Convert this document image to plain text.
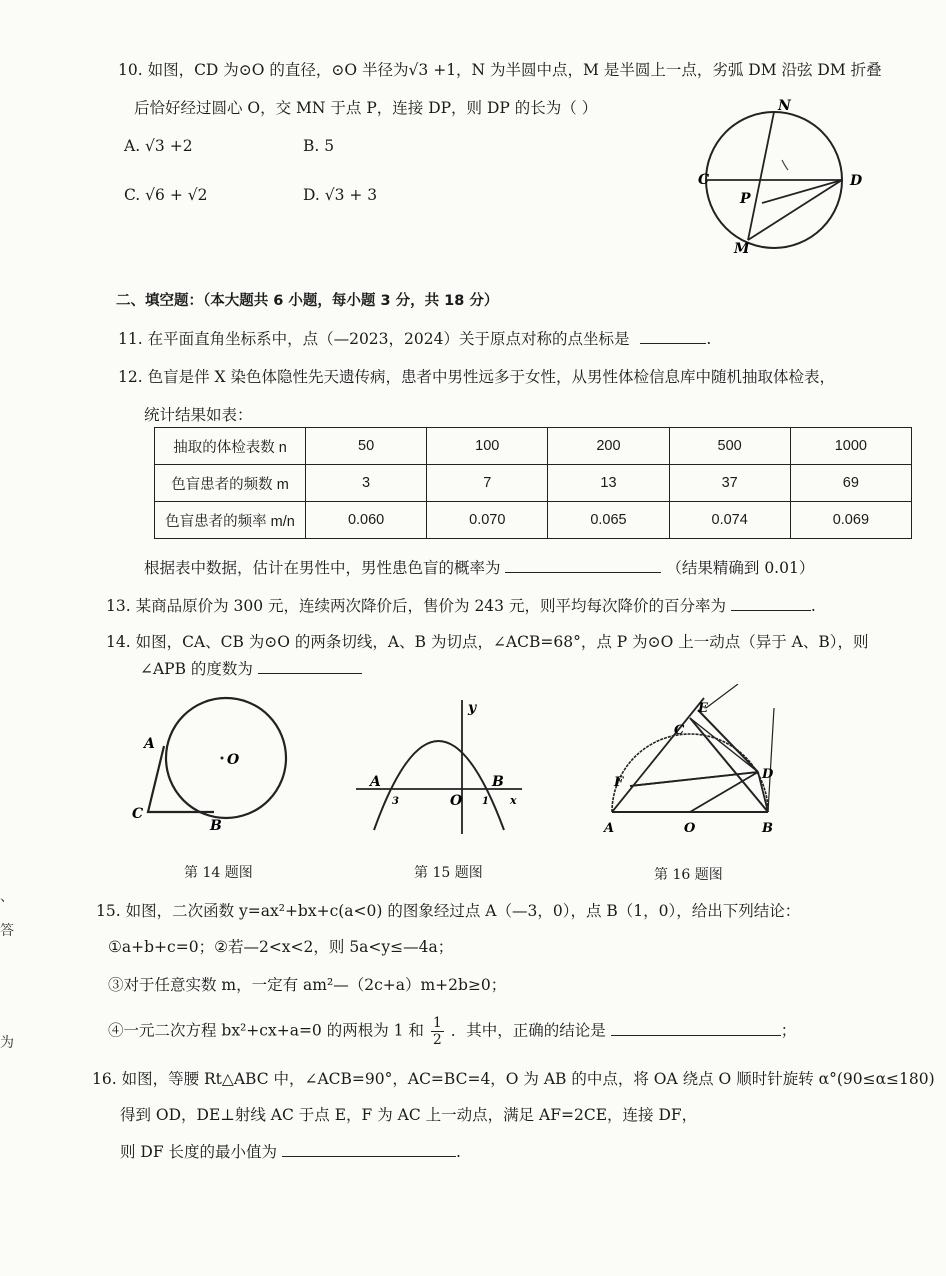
10. 如图，CD 为⊙O 的直径，⊙O 半径为√3 +1，N 为半圆中点，M 是半圆上一点，劣弧 DM 沿弦 DM 折叠
后恰好经过圆心 O，交 MN 于点 P，连接 DP，则 DP 的长为（ ）
A. √3 +2	B. 5
C. √6 + √2	D. √3 + 3
N
C	D
P
M
二、填空题：（本大题共 6 小题，每小题 3 分，共 18 分）
11. 在平面直角坐标系中，点（—2023，2024）关于原点对称的点坐标是	.
12. 色盲是伴 X 染色体隐性先天遗传病，患者中男性远多于女性，从男性体检信息库中随机抽取体检表，
统计结果如表：
抽取的体检表数 n	50	100	200	500	1000
色盲患者的频数 m	3	7	13	37	69
色盲患者的频率 m/n	0.060	0.070	0.065	0.074	0.069
根据表中数据，估计在男性中，男性患色盲的概率为	（结果精确到 0.01）
13. 某商品原价为 300 元，连续两次降价后，售价为 243 元，则平均每次降价的百分率为	.
14. 如图，CA、CB 为⊙O 的两条切线，A、B 为切点，∠ACB=68°，点 P 为⊙O 上一动点（异于 A、B），则
∠APB 的度数为
A
O
C
B
y
A	B
O
3	1 x
E
C
F
D
A	O	B
第 14 题图	第 15 题图	第 16 题图
15. 如图，二次函数 y=ax²+bx+c(a<0) 的图象经过点 A（—3，0），点 B（1，0），给出下列结论：
①a+b+c=0；②若—2<x<2，则 5a<y≤—4a；
③对于任意实数 m，一定有 am²—（2c+a）m+2b≥0；
④一元二次方程 bx²+cx+a=0 的两根为 1 和 $\frac{1}{2}$ ．其中，正确的结论是	；
16. 如图，等腰 Rt△ABC 中，∠ACB=90°，AC=BC=4，O 为 AB 的中点，将 OA 绕点 O 顺时针旋转 α°(90≤α≤180)
得到 OD，DE⊥射线 AC 于点 E，F 为 AC 上一动点，满足 AF=2CE，连接 DF，
则 DF 长度的最小值为	.
、
答
为
